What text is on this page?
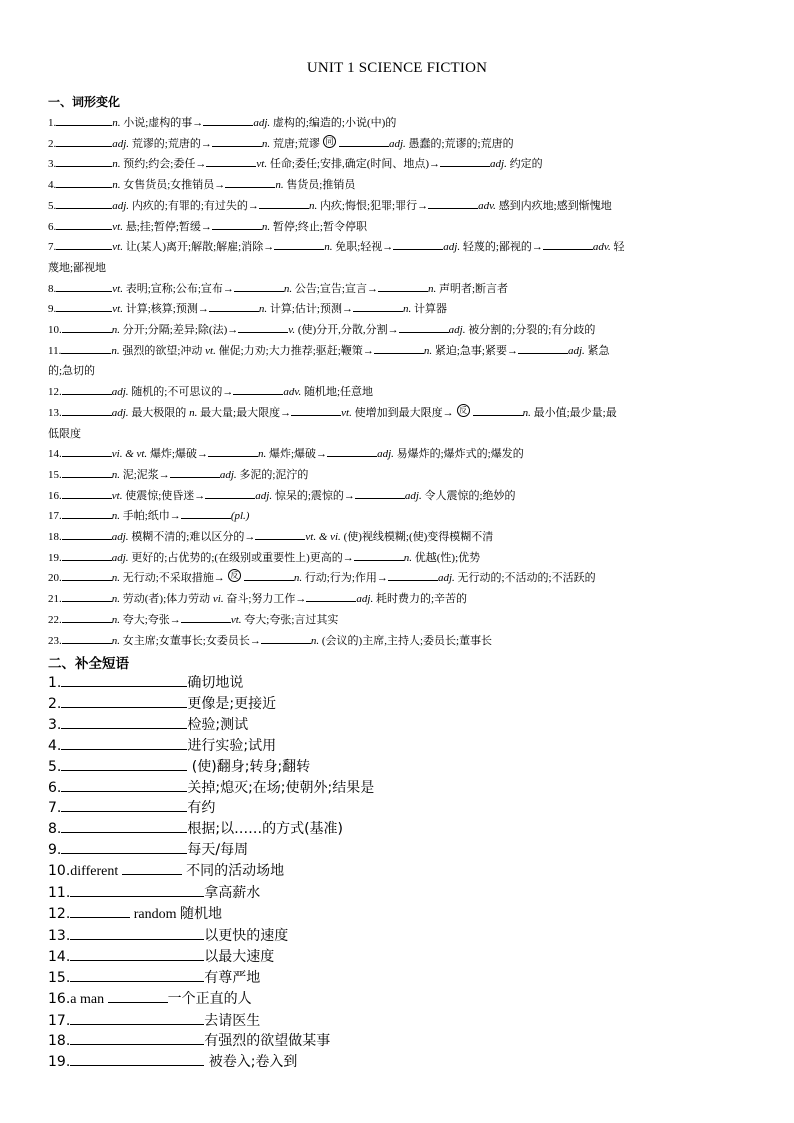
UNIT 1 SCIENCE FICTION
一、词形变化
1.	n. 小说;虚构的事→	adj. 虚构的;编造的;小说(中)的
2.	adj. 荒谬的;荒唐的→	n. 荒唐;荒谬 同	adj. 愚蠢的;荒谬的;荒唐的
3.	n. 预约;约会;委任→	vt. 任命;委任;安排,确定(时间、地点)→	adj. 约定的
4.	n. 女售货员;女推销员→	n. 售货员;推销员
5.	adj. 内疚的;有罪的;有过失的→	n. 内疚;悔恨;犯罪;罪行→	adv. 感到内疚地;感到惭愧地
6.	vt. 悬;挂;暂停;暂缓→	n. 暂停;终止;暂令停职
7.	vt. 让(某人)离开;解散;解雇;消除→	n. 免职;轻视→	adj. 轻蔑的;鄙视的→	adv. 轻
蔑地;鄙视地
8.	vt. 表明;宣称;公布;宣布→	n. 公告;宣告;宣言→	n. 声明者;断言者
9.	vt. 计算;核算;预测→	n. 计算;估计;预测→	n. 计算器
10.	n. 分开;分隔;差异;除(法)→	v. (使)分开,分散,分割→	adj. 被分割的;分裂的;有分歧的
11.	n. 强烈的欲望;冲动 vt. 催促;力劝;大力推荐;驱赶;鞭策→	n. 紧迫;急事;紧要→	adj. 紧急
的;急切的
12.	adj. 随机的;不可思议的→	adv. 随机地;任意地
13.	adj. 最大极限的 n. 最大量;最大限度→	vt. 使增加到最大限度→ 反	n. 最小值;最少量;最
低限度
14.	vi. & vt. 爆炸;爆破→	n. 爆炸;爆破→	adj. 易爆炸的;爆炸式的;爆发的
15.	n. 泥;泥浆→	adj. 多泥的;泥泞的
16.	vt. 使震惊;使昏迷→	adj. 惊呆的;震惊的→	adj. 令人震惊的;绝妙的
17.	n. 手帕;纸巾→	(pl.)
18.	adj. 模糊不清的;难以区分的→	vt. & vi. (使)视线模糊;(使)变得模糊不清
19.	adj. 更好的;占优势的;(在级别或重要性上)更高的→	n. 优越(性);优势
20.	n. 无行动;不采取措施→ 反	n. 行动;行为;作用→	adj. 无行动的;不活动的;不活跃的
21.	n. 劳动(者);体力劳动 vi. 奋斗;努力工作→	adj. 耗时费力的;辛苦的
22.	n. 夸大;夸张→	vt. 夸大;夸张;言过其实
23.	n. 女主席;女董事长;女委员长→	n. (会议的)主席,主持人;委员长;董事长
二、补全短语
1.	确切地说
2.	更像是;更接近
3.	检验;测试
4.	进行实验;试用
5.	(使)翻身;转身;翻转
6.	关掉;熄灭;在场;使朝外;结果是
7.	有约
8.	根据;以……的方式(基准)
9.	每天/每周
10.different	不同的活动场地
11.	拿高薪水
12.	random 随机地
13.	以更快的速度
14.	以最大速度
15.	有尊严地
16.a man	一个正直的人
17.	去请医生
18.	有强烈的欲望做某事
19.	被卷入;卷入到
